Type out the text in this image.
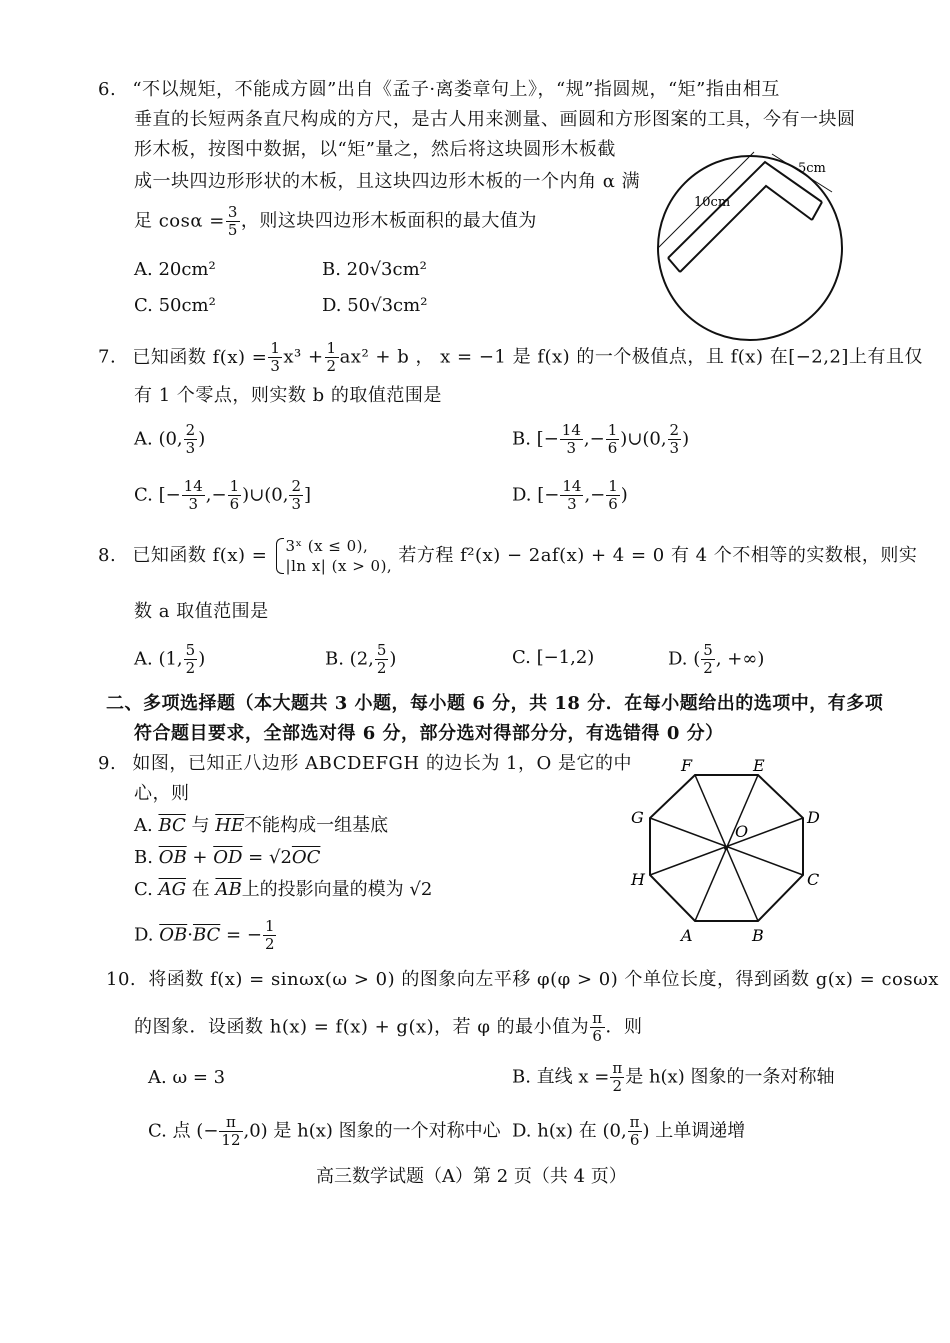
6. “不以规矩，不能成方圆”出自《孟子·离娄章句上》，“规”指圆规，“矩”指由相互
垂直的长短两条直尺构成的方尺，是古人用来测量、画圆和方形图案的工具，今有一块圆
形木板，按图中数据，以“矩”量之，然后将这块圆形木板截
成一块四边形形状的木板，且这块四边形木板的一个内角 α 满
足 $\cos\alpha = \frac{3}{5}$ ，则这块四边形木板面积的最大值为
A. 20cm²	B. 20√3cm²
C. 50cm²	D. 50√3cm²
10cm
5cm
7. 已知函数 $f(x) = \frac{1}{3} x^3 + \frac{1}{2} ax^2 + b$ ， x = −1 是 f(x) 的一个极值点，且 f(x) 在[−2,2]上有且仅
有 1 个零点，则实数 b 的取值范围是
A. (0, $\frac{2}{3}$ )	B. [− $\frac{14}{3}$ ,− $\frac{1}{6}$ )∪(0, $\frac{2}{3}$ )
C. [− $\frac{14}{3}$ ,− $\frac{1}{6}$ )∪(0, $\frac{2}{3}$ ]	D. [− $\frac{14}{3}$ ,− $\frac{1}{6}$ )
8. 已知函数 f(x) = 3ˣ (x ≤ 0),
|ln x| (x > 0), 若方程 f²(x) − 2af(x) + 4 = 0 有 4 个不相等的实数根，则实
数 a 取值范围是
A. (1, $\frac{5}{2}$ )	B. (2, $\frac{5}{2}$ )	C. [−1,2)	D. ( $\frac{5}{2}$ , +∞)
二、多项选择题（本大题共 3 小题，每小题 6 分，共 18 分．在每小题给出的选项中，有多项
符合题目要求，全部选对得 6 分，部分选对得部分分，有选错得 0 分）
9. 如图，已知正八边形 ABCDEFGH 的边长为 1，O 是它的中
心，则
A. $\overline{BC}$ 与 $\overline{HE}$不能构成一组基底
B. $\overline{OB} + \overline{OD} = √2\overline{OC}$
C. $\overline{AG}$ 在 $\overline{AB}$上的投影向量的模为 √2
D. $\overline{OB}\cdot\overline{BC}$ = − $\frac{1}{2}$
F	E
D
G
O
C
H
A	B
10. 将函数 f(x) = sinωx(ω > 0) 的图象向左平移 φ(φ > 0) 个单位长度，得到函数 g(x) = cosωx
的图象．设函数 h(x) = f(x) + g(x)，若 φ 的最小值为 $\frac{\pi}{6}$ ．则
A. ω = 3	B. 直线 $x = \frac{\pi}{2}$ 是 h(x) 图象的一条对称轴
C. 点 (− $\frac{\pi}{12} ,0$) 是 h(x) 图象的一个对称中心 D. h(x) 在 (0, $\frac{\pi}{6}$ ) 上单调递增
高三数学试题（A）第 2 页（共 4 页）
